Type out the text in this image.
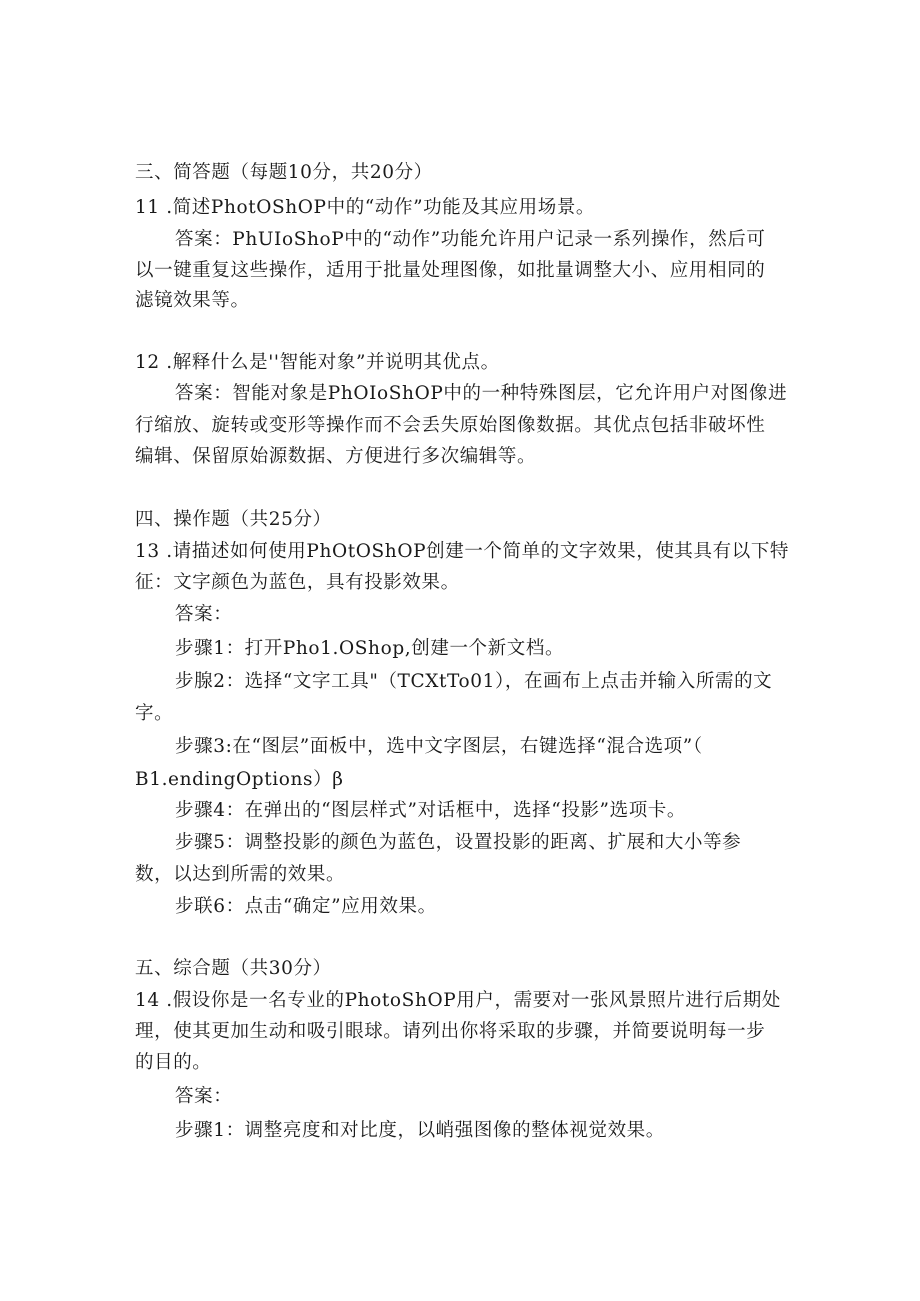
三、简答题（每题10分，共20分）
11 .简述PhotOShOP中的“动作”功能及其应用场景。
答案：PhUIoShoP中的“动作”功能允许用户记录一系列操作，然后可
以一键重复这些操作，适用于批量处理图像，如批量调整大小、应用相同的
滤镜效果等。
12 .解释什么是''智能对象”并说明其优点。
答案：智能对象是PhOIoShOP中的一种特殊图层，它允许用户对图像进
行缩放、旋转或变形等操作而不会丢失原始图像数据。其优点包括非破坏性
编辑、保留原始源数据、方便进行多次编辑等。
四、操作题（共25分）
13 .请描述如何使用PhOtOShOP创建一个简单的文字效果，使其具有以下特
征：文字颜色为蓝色，具有投影效果。
答案：
步骤1：打开Pho1.OShop,创建一个新文档。
步腺2：选择“文字工具"（TCXtTo01），在画布上点击并输入所需的文
字。
步骤3:在“图层”面板中，选中文字图层，右键选择“混合选项”（
B1.endingOptions）β
步骤4：在弹出的“图层样式”对话框中，选择“投影”选项卡。
步骤5：调整投影的颜色为蓝色，设置投影的距离、扩展和大小等参
数，以达到所需的效果。
步联6：点击“确定”应用效果。
五、综合题（共30分）
14 .假设你是一名专业的PhotoShOP用户，需要对一张风景照片进行后期处
理，使其更加生动和吸引眼球。请列出你将采取的步骤，并简要说明每一步
的目的。
答案：
步骤1：调整亮度和对比度，以峭强图像的整体视觉效果。
